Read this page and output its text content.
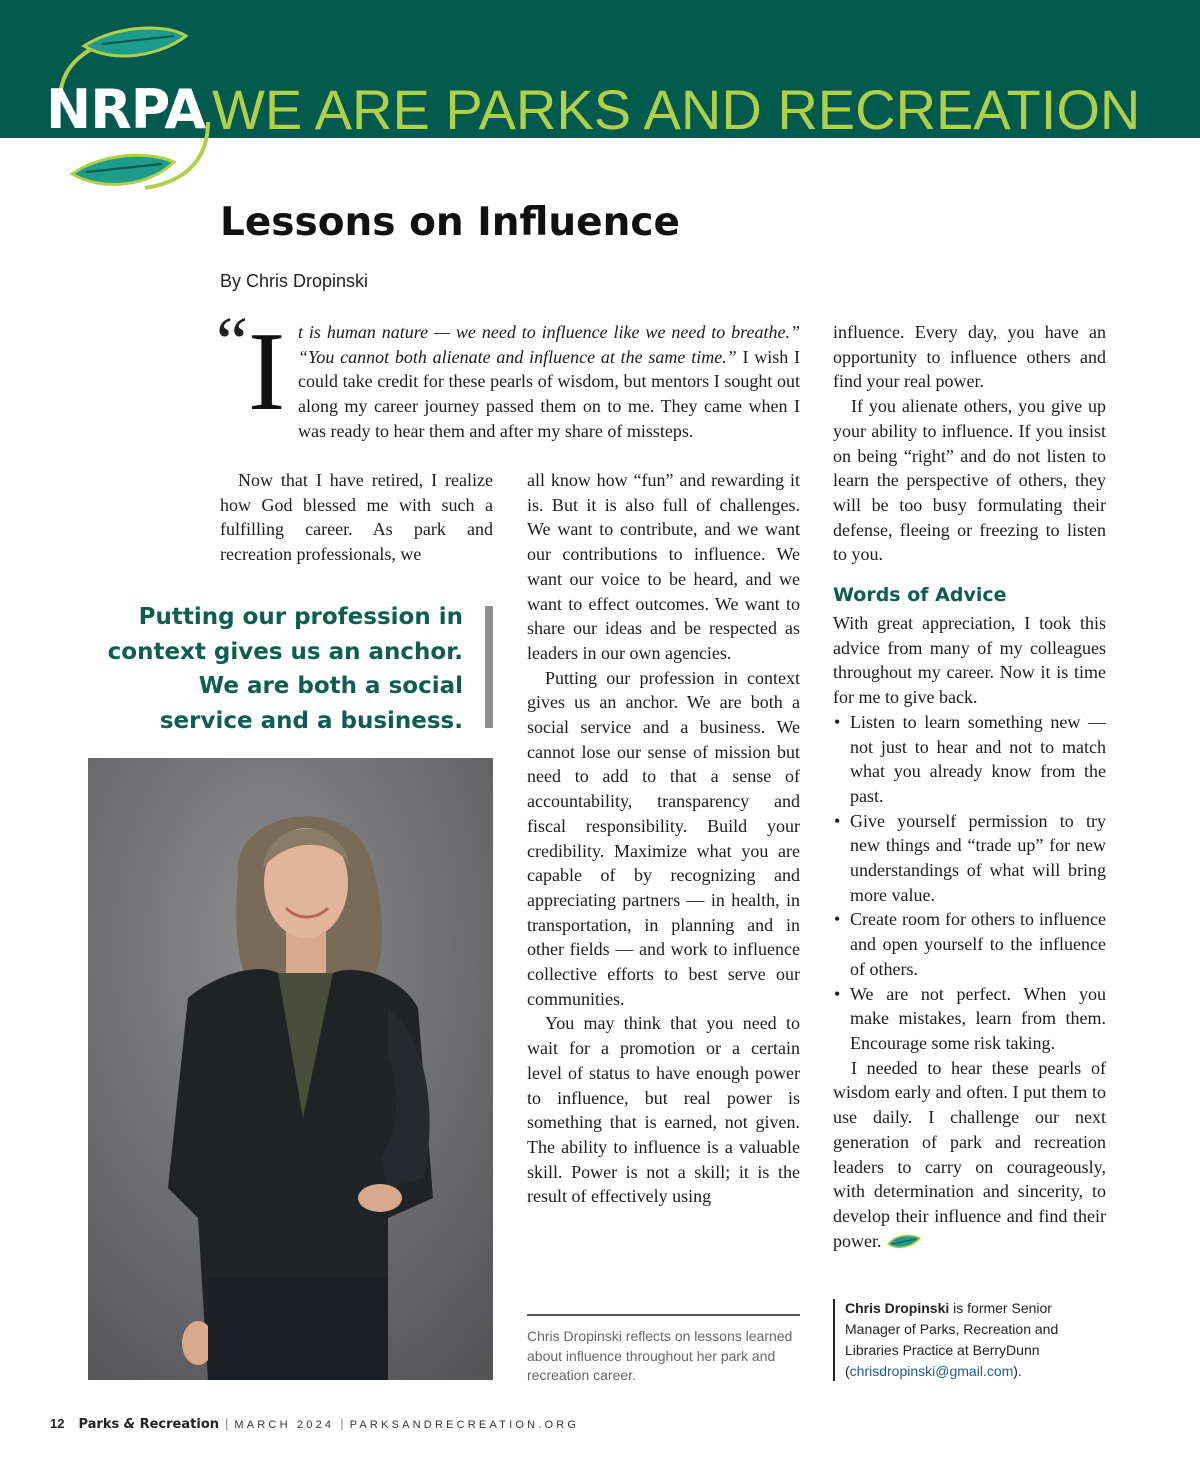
NRPA WE ARE PARKS AND RECREATION
Lessons on Influence
By Chris Dropinski
“ I t is human nature — we need to influence like we need to breathe.” “You cannot both alienate and influence at the same time.” I wish I could take credit for these pearls of wisdom, but mentors I sought out along my career journey passed them on to me. They came when I was ready to hear them and after my share of missteps.

Now that I have retired, I realize how God blessed me with such a fulfilling career. As park and recreation professionals, we

Putting our profession in context gives us an anchor. We are both a social service and a business.

all know how “fun” and rewarding it is. But it is also full of challenges. We want to contribute, and we want our contributions to influence. We want our voice to be heard, and we want to effect outcomes. We want to share our ideas and be respected as leaders in our own agencies.

Putting our profession in context gives us an anchor. We are both a social service and a business. We cannot lose our sense of mission but need to add to that a sense of accountability, transparency and fiscal responsibility. Build your credibility. Maximize what you are capable of by recognizing and appreciating partners — in health, in transportation, in planning and in other fields — and work to influence collective efforts to best serve our communities.

You may think that you need to wait for a promotion or a certain level of status to have enough power to influence, but real power is something that is earned, not given. The ability to influence is a valuable skill. Power is not a skill; it is the result of effectively using

influence. Every day, you have an opportunity to influence others and find your real power.

If you alienate others, you give up your ability to influence. If you insist on being “right” and do not listen to learn the perspective of others, they will be too busy formulating their defense, fleeing or freezing to listen to you.

Words of Advice

With great appreciation, I took this advice from many of my colleagues throughout my career. Now it is time for me to give back.

• Listen to learn something new — not just to hear and not to match what you already know from the past.
• Give yourself permission to try new things and “trade up” for new understandings of what will bring more value.
• Create room for others to influence and open yourself to the influence of others.
• We are not perfect. When you make mistakes, learn from them. Encourage some risk taking.

I needed to hear these pearls of wisdom early and often. I put them to use daily. I challenge our next generation of park and recreation leaders to carry on courageously, with determination and sincerity, to develop their influence and find their power.

Chris Dropinski reflects on lessons learned about influence throughout her park and recreation career.

Chris Dropinski is former Senior Manager of Parks, Recreation and Libraries Practice at BerryDunn (chrisdropinski@gmail.com).

12 Parks & Recreation | MARCH 2024 | PARKSANDRECREATION.ORG
